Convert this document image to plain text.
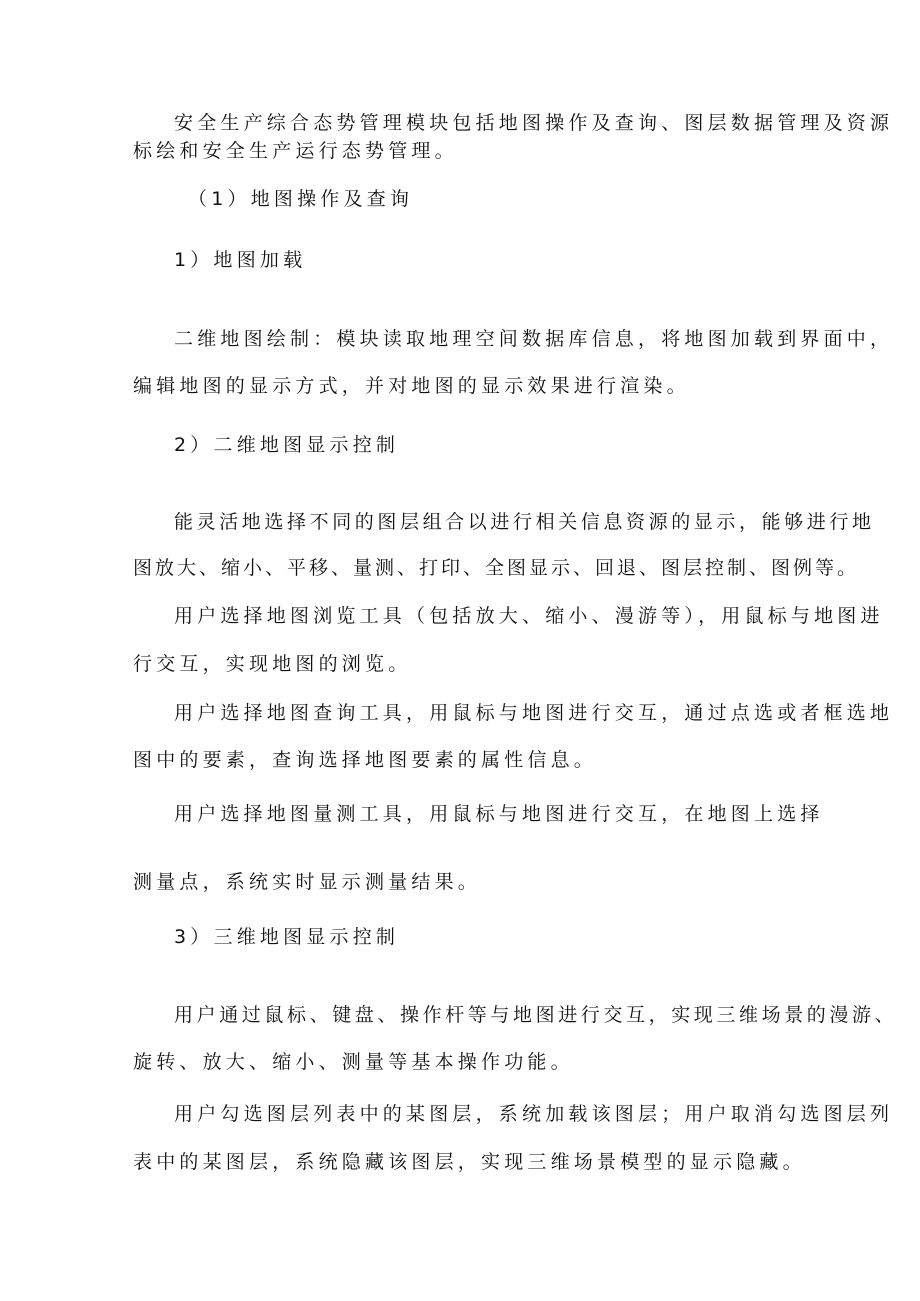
安全生产综合态势管理模块包括地图操作及查询、图层数据管理及资源
标绘和安全生产运行态势管理。
（1）地图操作及查询
1）地图加载
二维地图绘制：模块读取地理空间数据库信息，将地图加载到界面中，
编辑地图的显示方式，并对地图的显示效果进行渲染。
2）二维地图显示控制
能灵活地选择不同的图层组合以进行相关信息资源的显示，能够进行地
图放大、缩小、平移、量测、打印、全图显示、回退、图层控制、图例等。
用户选择地图浏览工具（包括放大、缩小、漫游等），用鼠标与地图进
行交互，实现地图的浏览。
用户选择地图查询工具，用鼠标与地图进行交互，通过点选或者框选地
图中的要素，查询选择地图要素的属性信息。
用户选择地图量测工具，用鼠标与地图进行交互，在地图上选择
测量点，系统实时显示测量结果。
3）三维地图显示控制
用户通过鼠标、键盘、操作杆等与地图进行交互，实现三维场景的漫游、
旋转、放大、缩小、测量等基本操作功能。
用户勾选图层列表中的某图层，系统加载该图层；用户取消勾选图层列
表中的某图层，系统隐藏该图层，实现三维场景模型的显示隐藏。
